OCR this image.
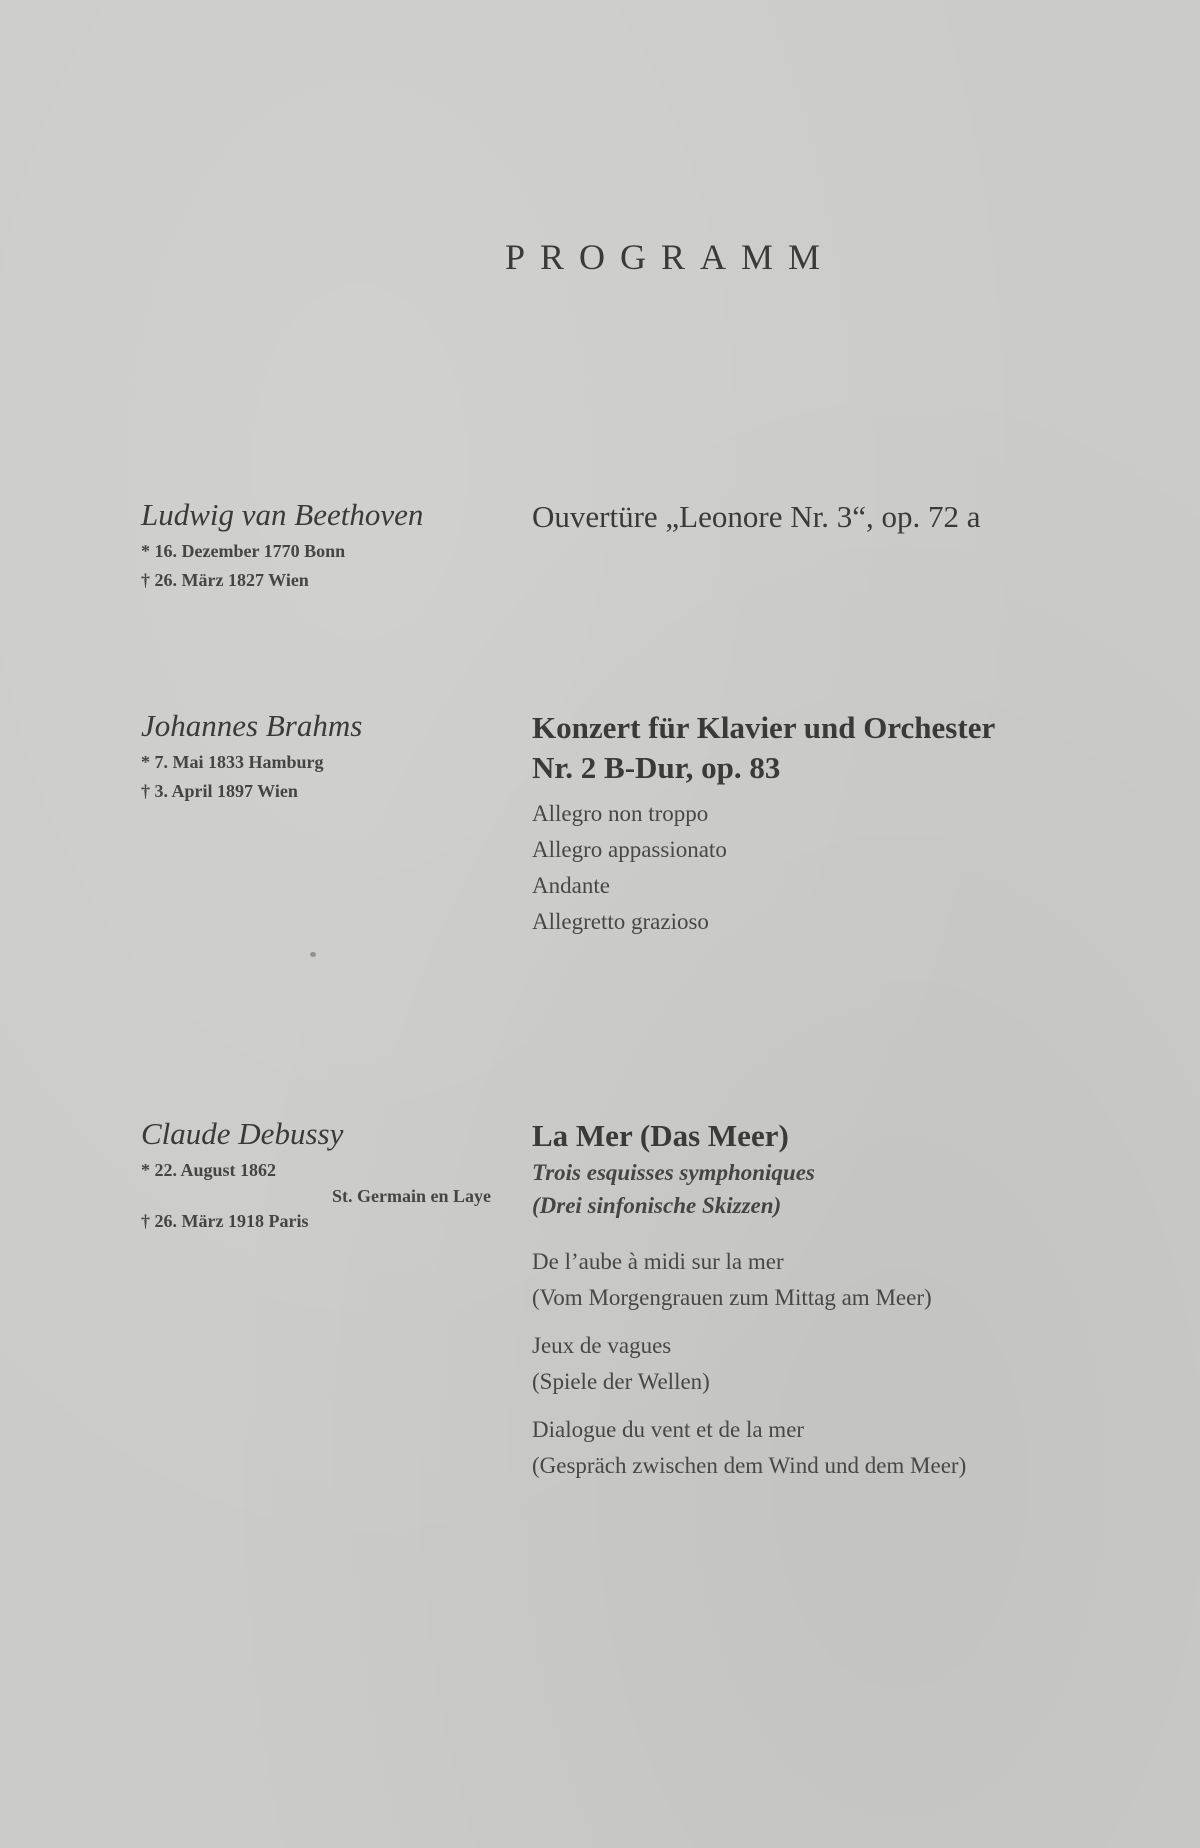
PROGRAMM
Ludwig van Beethoven
* 16. Dezember 1770 Bonn
† 26. März 1827 Wien
Ouvertüre „Leonore Nr. 3“, op. 72 a
Johannes Brahms
* 7. Mai 1833 Hamburg
† 3. April 1897 Wien
Konzert für Klavier und Orchester
Nr. 2 B-Dur, op. 83
Allegro non troppo
Allegro appassionato
Andante
Allegretto grazioso
Claude Debussy
* 22. August 1862
St. Germain en Laye
† 26. März 1918 Paris
La Mer (Das Meer)
Trois esquisses symphoniques
(Drei sinfonische Skizzen)
De l’aube à midi sur la mer
(Vom Morgengrauen zum Mittag am Meer)
Jeux de vagues
(Spiele der Wellen)
Dialogue du vent et de la mer
(Gespräch zwischen dem Wind und dem Meer)
